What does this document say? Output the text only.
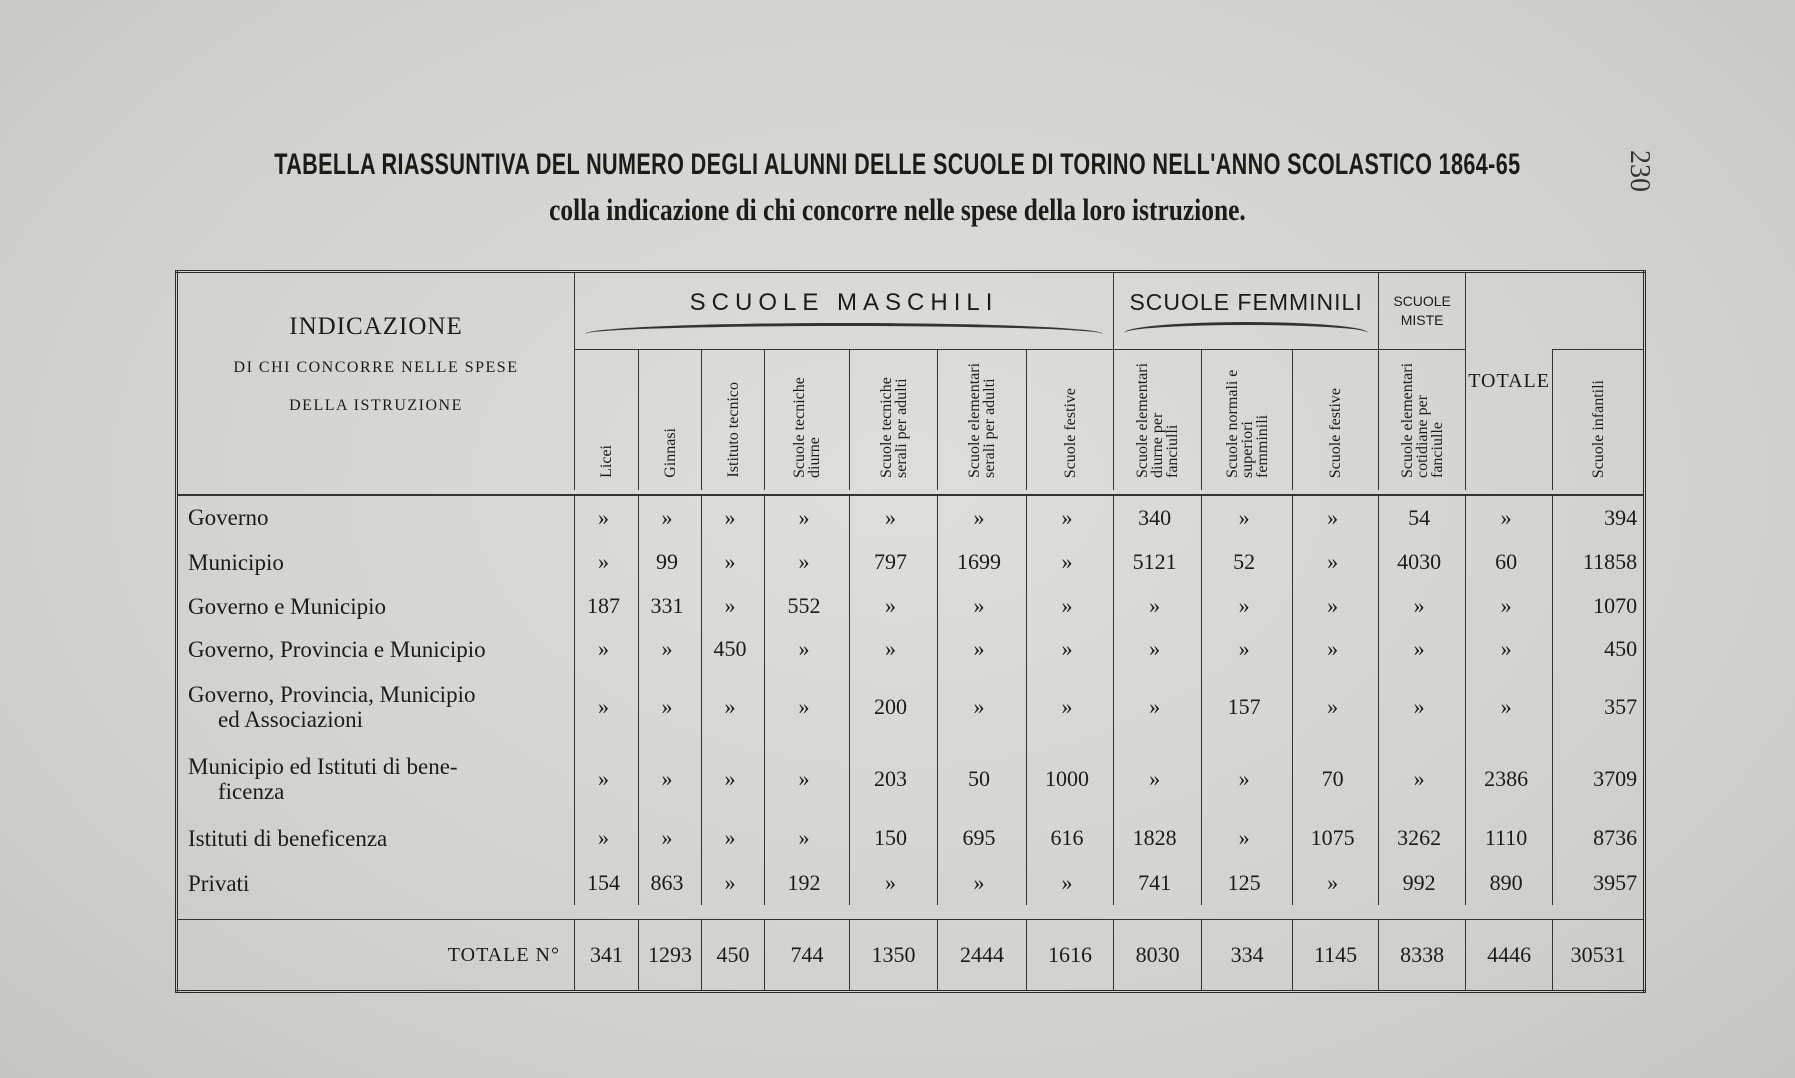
TABELLA RIASSUNTIVA DEL NUMERO DEGLI ALUNNI DELLE SCUOLE DI TORINO NELL'ANNO SCOLASTICO 1864-65
colla indicazione di chi concorre nelle spese della loro istruzione.
230
INDICAZIONE
DI CHI CONCORRE NELLE SPESE
DELLA ISTRUZIONE	SCUOLE MASCHILI							SCUOLE FEMMINILI			SCUOLE MISTE	TOTALE	

	Licei	Ginnasi	Istituto tecnico	Scuole tecniche diurne	Scuole tecniche serali per adulti	Scuole elementari serali per adulti	Scuole festive	Scuole elementari diurne per fanciulli	Scuole normali e superiori femminili	Scuole festive	Scuole elementari cotidiane per fanciulle		Scuole infantili

Governo	»	»	»	»	»	»	»	340	»	»	54	»	394

Municipio	»	99	»	»	797	1699	»	5121	52	»	4030	60	11858

Governo e Municipio	187	331	»	552	»	»	»	»	»	»	»	»	1070

Governo, Provincia e Municipio	»	»	450	»	»	»	»	»	»	»	»	»	450

Governo, Provincia, Municipio
ed Associazioni	»	»	»	»	200	»	»	»	157	»	»	»	357

Municipio ed Istituti di bene-
ficenza	»	»	»	»	203	50	1000	»	»	70	»	2386	3709

Istituti di beneficenza	»	»	»	»	150	695	616	1828	»	1075	3262	1110	8736

Privati	154	863	»	192	»	»	»	741	125	»	992	890	3957

TOTALE N°	341	1293	450	744	1350	2444	1616	8030	334	1145	8338	4446	30531
